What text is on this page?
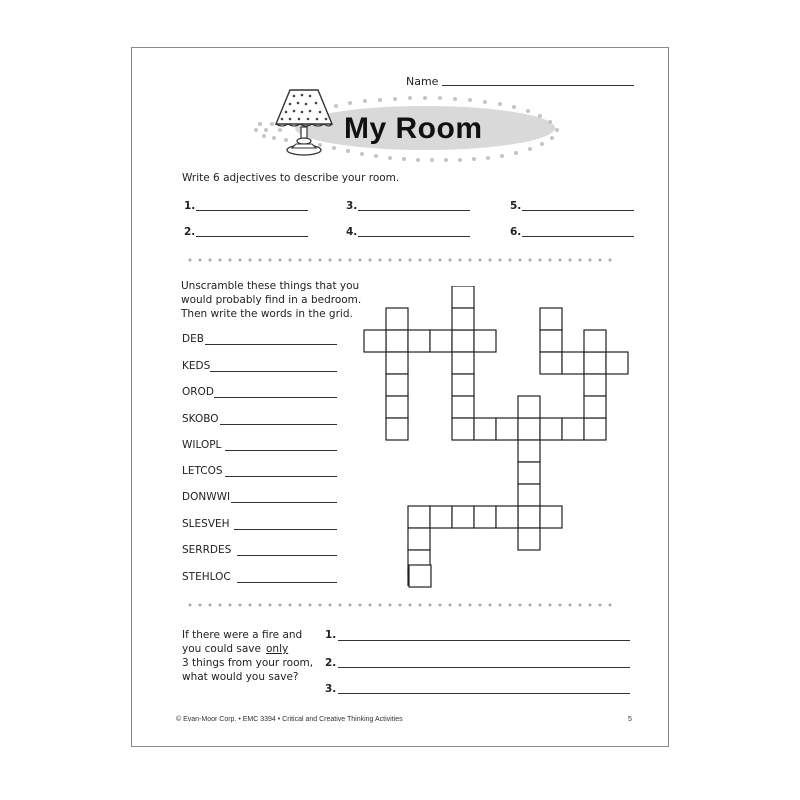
Name
My Room
Write 6 adjectives to describe your room.
1.	3.	5.
2.	4.	6.
Unscramble these things that you
would probably find in a bedroom.
Then write the words in the grid.
DEB
KEDS
OROD
SKOBO
WILOPL
LETCOS
DONWWI
SLESVEH
SERRDES
STEHLOC
If there were a fire and
you could save only
3 things from your room,
what would you save?
1.
2.
3.
© Evan-Moor Corp. • EMC 3394 • Critical and Creative Thinking Activities	5
